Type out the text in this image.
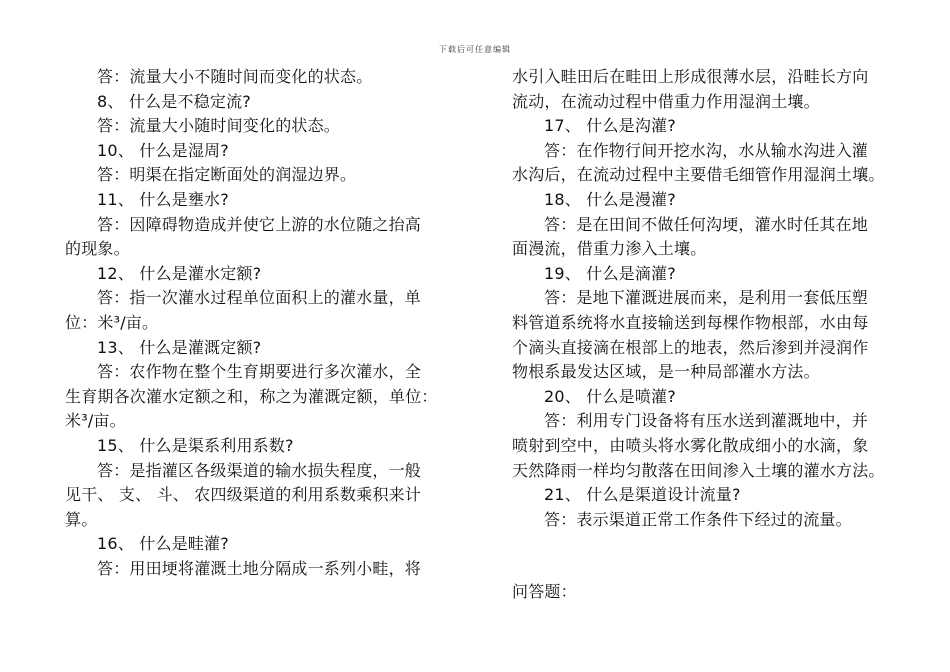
下载后可任意编辑

答：流量大小不随时间而变化的状态。

8、 什么是不稳定流?

答：流量大小随时间变化的状态。

10、 什么是湿周?

答：明渠在指定断面处的润湿边界。

11、 什么是壅水?

答：因障碍物造成并使它上游的水位随之抬高

的现象。

12、 什么是灌水定额?

答：指一次灌水过程单位面积上的灌水量，单

位：米³/亩。

13、 什么是灌溉定额?

答：农作物在整个生育期要进行多次灌水，全

生育期各次灌水定额之和，称之为灌溉定额，单位：

米³/亩。

15、 什么是渠系利用系数?

答：是指灌区各级渠道的输水损失程度，一般

见干、 支、 斗、 农四级渠道的利用系数乘积来计

算。

16、 什么是畦灌?

答：用田埂将灌溉土地分隔成一系列小畦，将

水引入畦田后在畦田上形成很薄水层，沿畦长方向

流动，在流动过程中借重力作用湿润土壤。

17、 什么是沟灌?

答：在作物行间开挖水沟，水从输水沟进入灌

水沟后，在流动过程中主要借毛细管作用湿润土壤。

18、 什么是漫灌?

答：是在田间不做任何沟埂，灌水时任其在地

面漫流，借重力渗入土壤。

19、 什么是滴灌?

答：是地下灌溉进展而来，是利用一套低压塑

料管道系统将水直接输送到每棵作物根部，水由每

个滴头直接滴在根部上的地表，然后渗到并浸润作

物根系最发达区域，是一种局部灌水方法。

20、 什么是喷灌?

答：利用专门设备将有压水送到灌溉地中，并

喷射到空中，由喷头将水雾化散成细小的水滴，象

天然降雨一样均匀散落在田间渗入土壤的灌水方法。

21、 什么是渠道设计流量?

答：表示渠道正常工作条件下经过的流量。

问答题：
